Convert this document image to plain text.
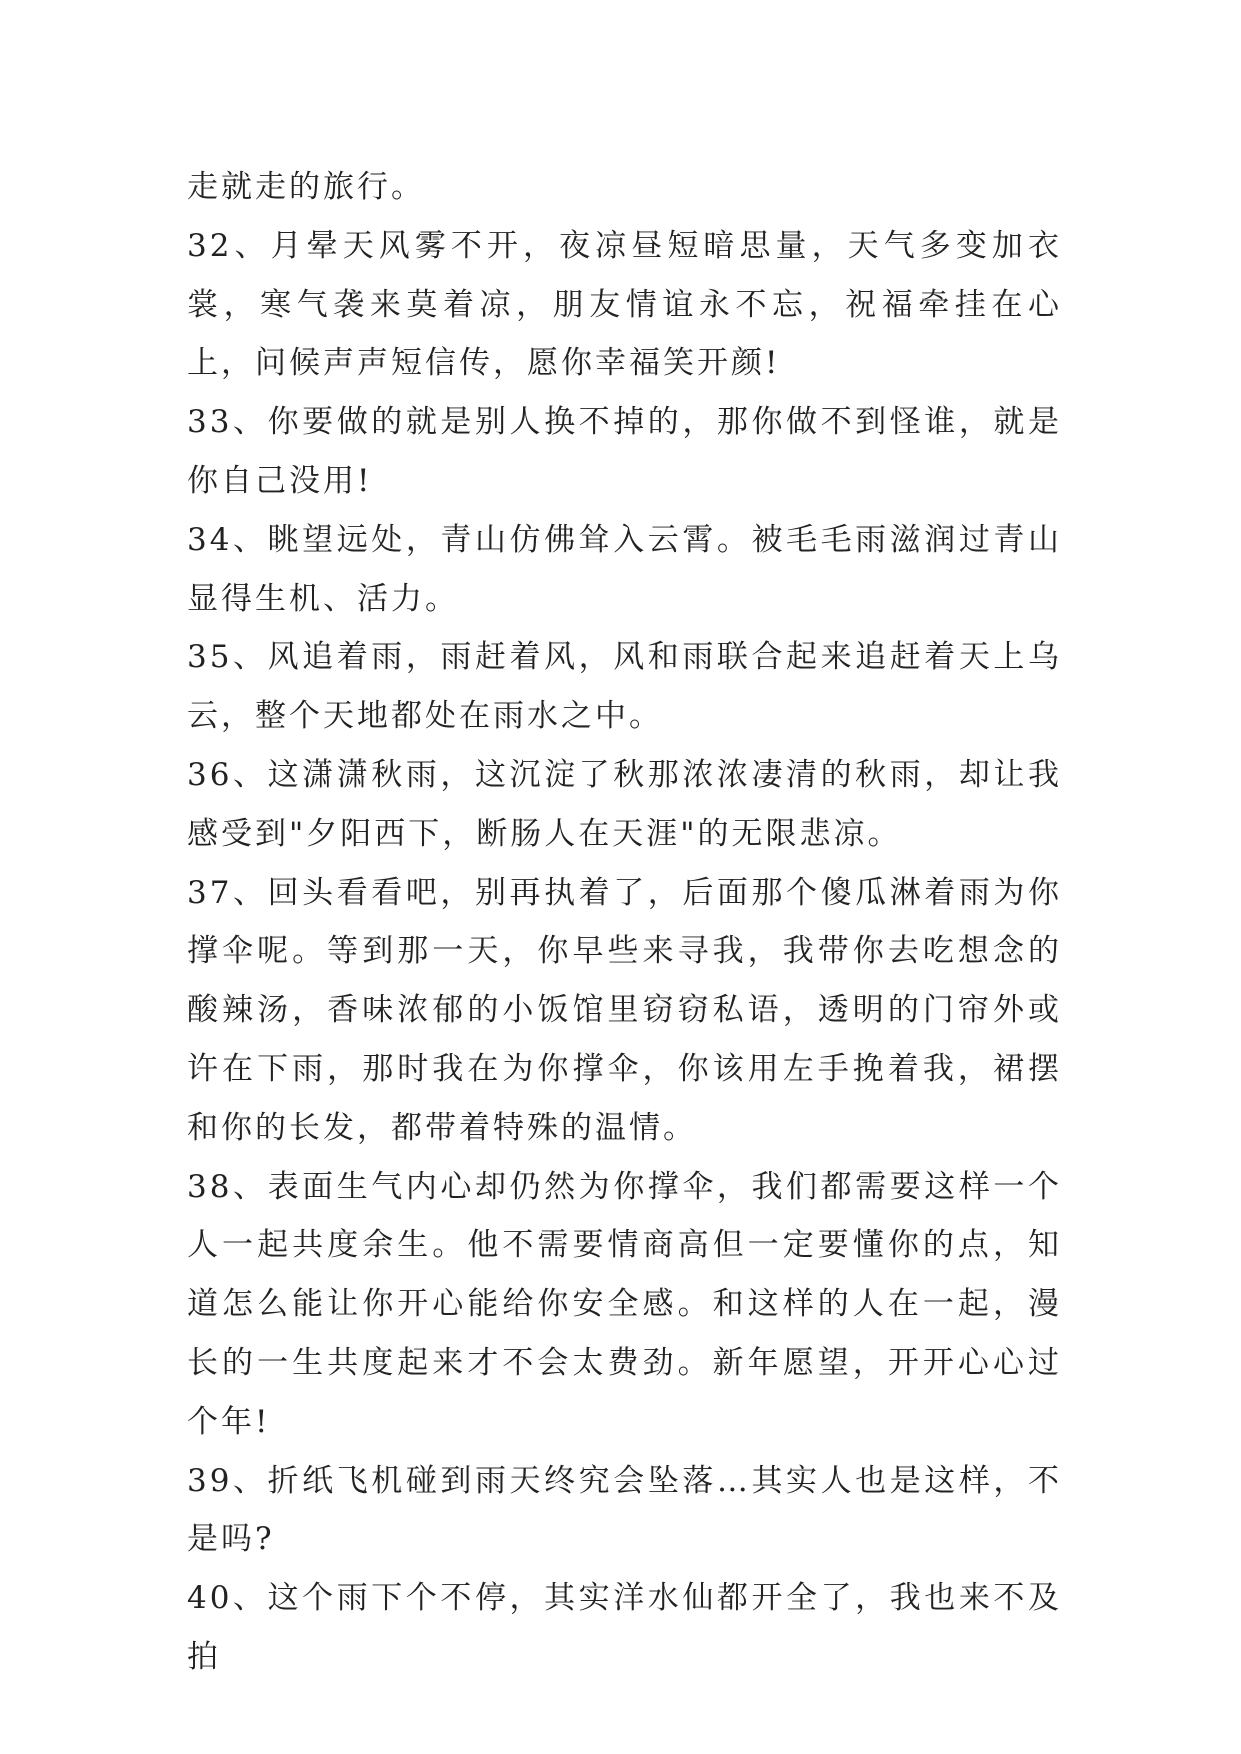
走就走的旅行。

32、月晕天风雾不开，夜凉昼短暗思量，天气多变加衣裳，寒气袭来莫着凉，朋友情谊永不忘，祝福牵挂在心上，问候声声短信传，愿你幸福笑开颜!

33、你要做的就是别人换不掉的，那你做不到怪谁，就是你自己没用!

34、眺望远处，青山仿佛耸入云霄。被毛毛雨滋润过青山显得生机、活力。

35、风追着雨，雨赶着风，风和雨联合起来追赶着天上乌云，整个天地都处在雨水之中。

36、这潇潇秋雨，这沉淀了秋那浓浓凄清的秋雨，却让我感受到"夕阳西下，断肠人在天涯"的无限悲凉。

37、回头看看吧，别再执着了，后面那个傻瓜淋着雨为你撑伞呢。等到那一天，你早些来寻我，我带你去吃想念的酸辣汤，香味浓郁的小饭馆里窃窃私语，透明的门帘外或许在下雨，那时我在为你撑伞，你该用左手挽着我，裙摆和你的长发，都带着特殊的温情。

38、表面生气内心却仍然为你撑伞，我们都需要这样一个人一起共度余生。他不需要情商高但一定要懂你的点，知道怎么能让你开心能给你安全感。和这样的人在一起，漫长的一生共度起来才不会太费劲。新年愿望，开开心心过个年!

39、折纸飞机碰到雨天终究会坠落…其实人也是这样，不是吗?

40、这个雨下个不停，其实洋水仙都开全了，我也来不及拍
